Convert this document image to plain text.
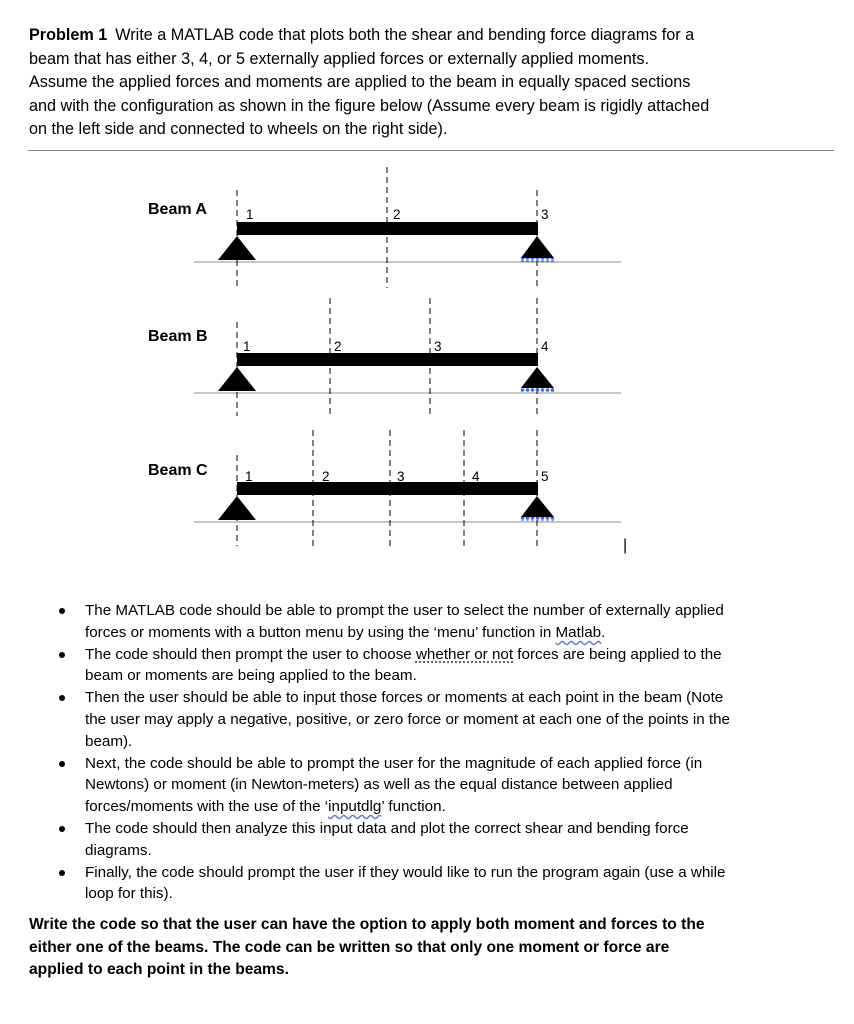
Problem 1 Write a MATLAB code that plots both the shear and bending force diagrams for a
beam that has either 3, 4, or 5 externally applied forces or externally applied moments.
Assume the applied forces and moments are applied to the beam in equally spaced sections
and with the configuration as shown in the figure below (Assume every beam is rigidly attached
on the left side and connected to wheels on the right side).
Beam A	1	2	3
Beam B
1	2	3	4
Beam C	1	2	3	4	5
|
The MATLAB code should be able to prompt the user to select the number of externally applied
forces or moments with a button menu by using the ‘menu’ function in Matlab.
The code should then prompt the user to choose whether or not forces are being applied to the
beam or moments are being applied to the beam.
Then the user should be able to input those forces or moments at each point in the beam (Note
the user may apply a negative, positive, or zero force or moment at each one of the points in the
beam).
Next, the code should be able to prompt the user for the magnitude of each applied force (in
Newtons) or moment (in Newton-meters) as well as the equal distance between applied
forces/moments with the use of the ‘inputdlg’ function.
The code should then analyze this input data and plot the correct shear and bending force
diagrams.
Finally, the code should prompt the user if they would like to run the program again (use a while
loop for this).
Write the code so that the user can have the option to apply both moment and forces to the
either one of the beams. The code can be written so that only one moment or force are
applied to each point in the beams.
